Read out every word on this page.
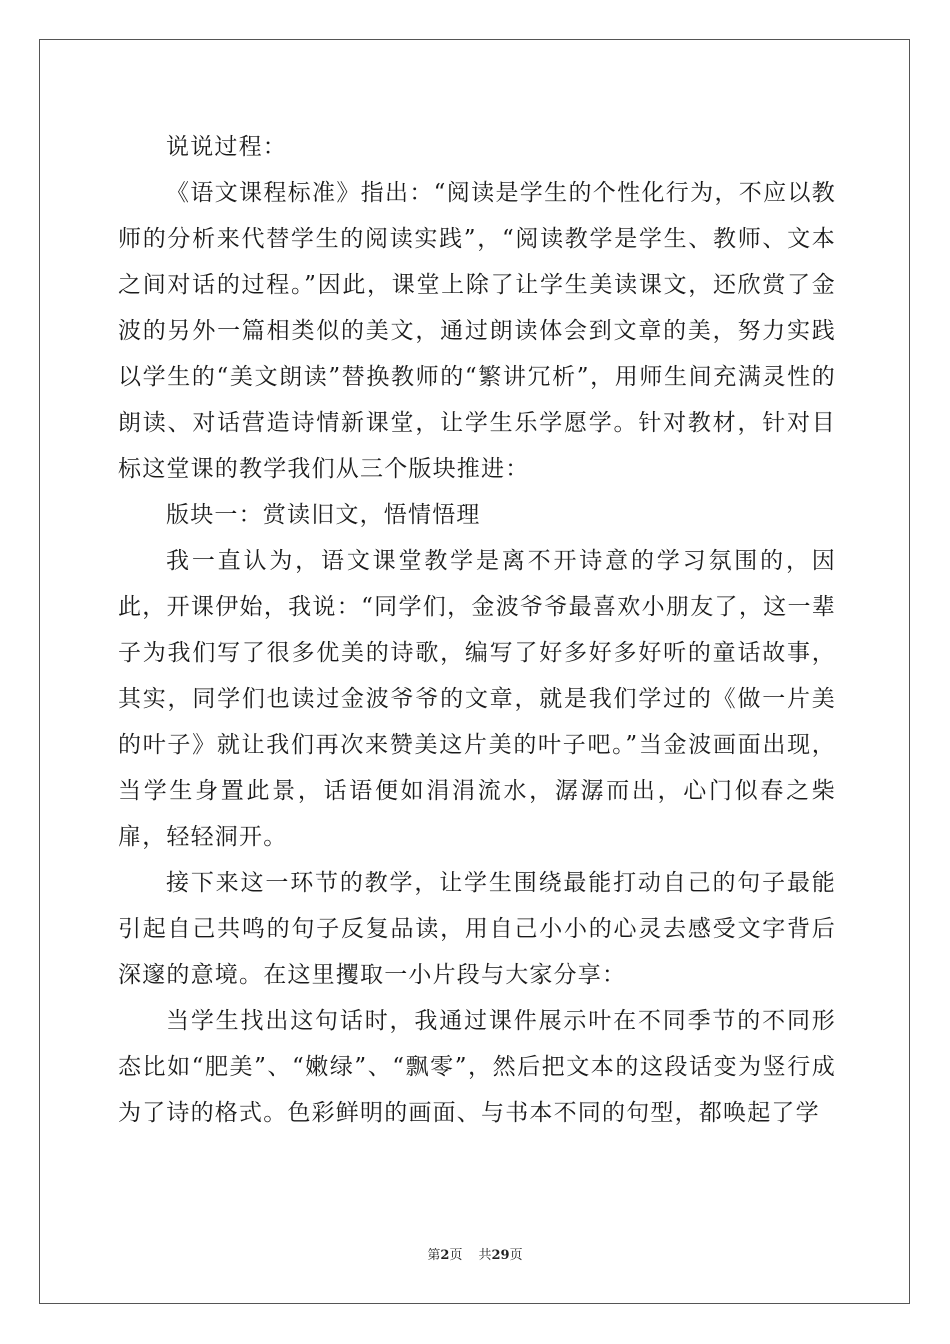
说说过程：

《语文课程标准》指出：“阅读是学生的个性化行为，不应以教师的分析来代替学生的阅读实践”，“阅读教学是学生、教师、文本之间对话的过程。”因此，课堂上除了让学生美读课文，还欣赏了金波的另外一篇相类似的美文，通过朗读体会到文章的美，努力实践以学生的“美文朗读”替换教师的“繁讲冗析”，用师生间充满灵性的朗读、对话营造诗情新课堂，让学生乐学愿学。针对教材，针对目标这堂课的教学我们从三个版块推进：

版块一：赏读旧文，悟情悟理

我一直认为，语文课堂教学是离不开诗意的学习氛围的，因此，开课伊始，我说：“同学们，金波爷爷最喜欢小朋友了，这一辈子为我们写了很多优美的诗歌，编写了好多好多好听的童话故事，其实，同学们也读过金波爷爷的文章，就是我们学过的《做一片美的叶子》就让我们再次来赞美这片美的叶子吧。”当金波画面出现，当学生身置此景，话语便如涓涓流水，潺潺而出，心门似春之柴扉，轻轻洞开。

接下来这一环节的教学，让学生围绕最能打动自己的句子最能引起自己共鸣的句子反复品读，用自己小小的心灵去感受文字背后深邃的意境。在这里攫取一小片段与大家分享：

当学生找出这句话时，我通过课件展示叶在不同季节的不同形态比如“肥美”、“嫩绿”、“飘零”，然后把文本的这段话变为竖行成为了诗的格式。色彩鲜明的画面、与书本不同的句型，都唤起了学

第2页 共29页
